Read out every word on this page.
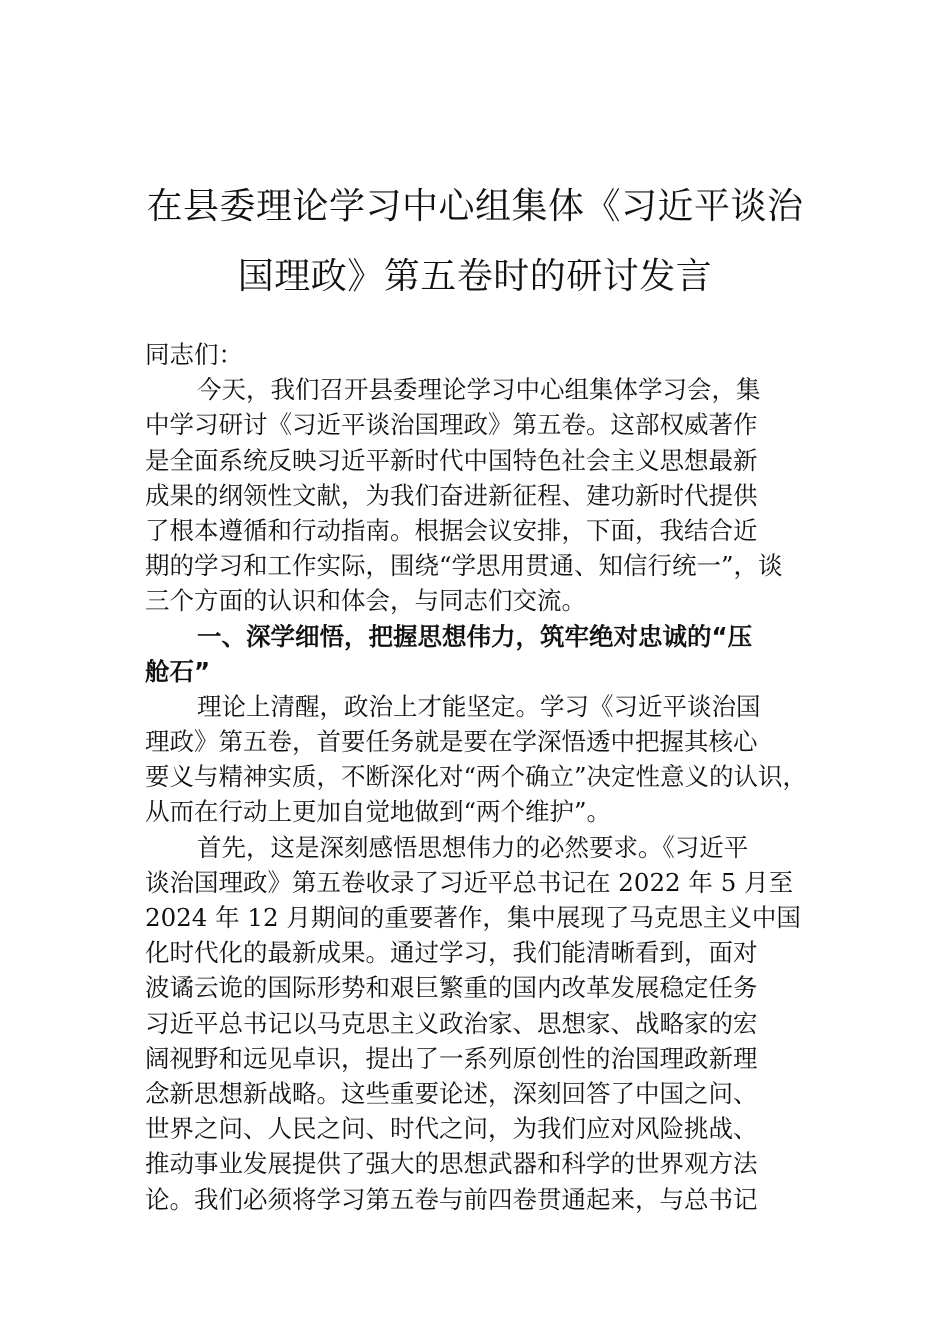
在县委理论学习中心组集体《习近平谈治
国理政》第五卷时的研讨发言
同志们：
今天，我们召开县委理论学习中心组集体学习会，集
中学习研讨《习近平谈治国理政》第五卷。这部权威著作
是全面系统反映习近平新时代中国特色社会主义思想最新
成果的纲领性文献，为我们奋进新征程、建功新时代提供
了根本遵循和行动指南。根据会议安排，下面，我结合近
期的学习和工作实际，围绕“学思用贯通、知信行统一”，谈
三个方面的认识和体会，与同志们交流。
一、深学细悟，把握思想伟力，筑牢绝对忠诚的“压
舱石”
理论上清醒，政治上才能坚定。学习《习近平谈治国
理政》第五卷，首要任务就是要在学深悟透中把握其核心
要义与精神实质，不断深化对“两个确立”决定性意义的认识，
从而在行动上更加自觉地做到“两个维护”。
首先，这是深刻感悟思想伟力的必然要求。《习近平
谈治国理政》第五卷收录了习近平总书记在 2022 年 5 月至
2024 年 12 月期间的重要著作，集中展现了马克思主义中国
化时代化的最新成果。通过学习，我们能清晰看到，面对
波谲云诡的国际形势和艰巨繁重的国内改革发展稳定任务
习近平总书记以马克思主义政治家、思想家、战略家的宏
阔视野和远见卓识，提出了一系列原创性的治国理政新理
念新思想新战略。这些重要论述，深刻回答了中国之问、
世界之问、人民之问、时代之问，为我们应对风险挑战、
推动事业发展提供了强大的思想武器和科学的世界观方法
论。我们必须将学习第五卷与前四卷贯通起来，与总书记
